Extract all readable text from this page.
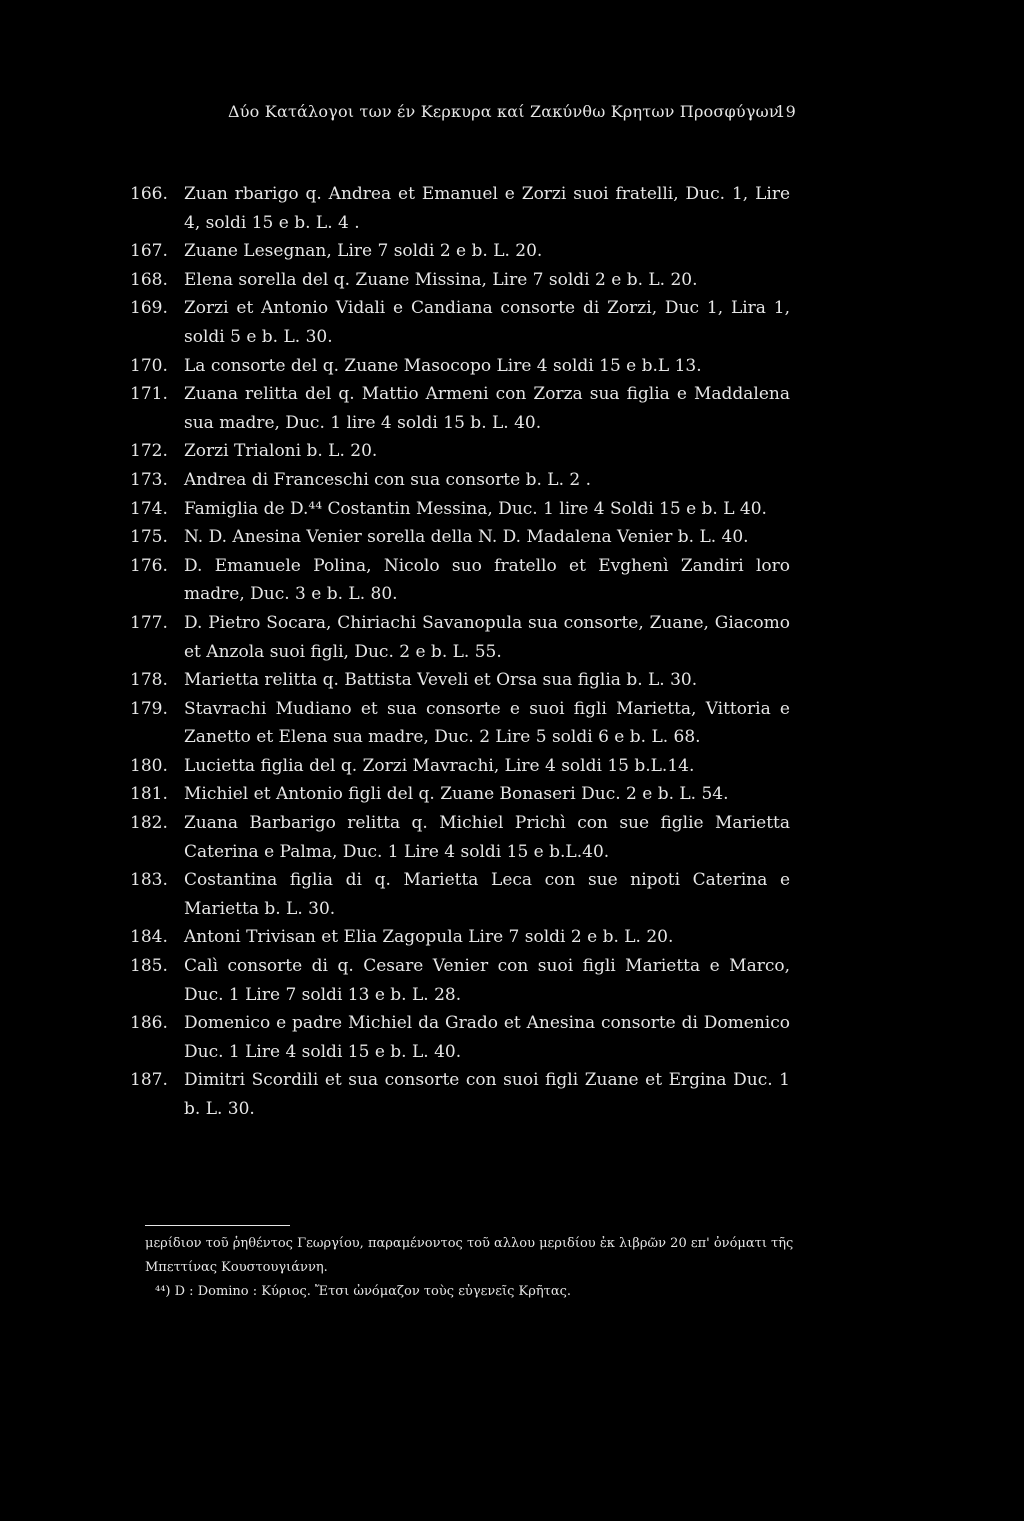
Δύο Κατάλογοι των έν Κερκυρα καί Ζακύνθω Κρητων Προσφύγων
19
166. Zuan rbarigo q. Andrea et Emanuel e Zorzi suoi fratelli, Duc. 1, Lire 4, soldi 15 e b. L. 4 .
167. Zuane Lesegnan, Lire 7 soldi 2 e b. L. 20.
168. Elena sorella del q. Zuane Missina, Lire 7 soldi 2 e b. L. 20.
169. Zorzi et Antonio Vidali e Candiana consorte di Zorzi, Duc 1, Lira 1, soldi 5 e b. L. 30.
170. La consorte del q. Zuane Masocopo Lire 4 soldi 15 e b.L 13.
171. Zuana relitta del q. Mattio Armeni con Zorza sua figlia e Maddalena sua madre, Duc. 1 lire 4 soldi 15 b. L. 40.
172. Zorzi Trialoni b. L. 20.
173. Andrea di Franceschi con sua consorte b. L. 2 .
174. Famiglia de D.⁴⁴ Costantin Messina, Duc. 1 lire 4 Soldi 15 e b. L 40.
175. N. D. Anesina Venier sorella della N. D. Madalena Venier b. L. 40.
176. D. Emanuele Polina, Nicolo suo fratello et Evghenì Zandiri loro madre, Duc. 3 e b. L. 80.
177. D. Pietro Socara, Chiriachi Savanopula sua consorte, Zuane, Giacomo et Anzola suoi figli, Duc. 2 e b. L. 55.
178. Marietta relitta q. Battista Veveli et Orsa sua figlia b. L. 30.
179. Stavrachi Mudiano et sua consorte e suoi figli Marietta, Vittoria e Zanetto et Elena sua madre, Duc. 2 Lire 5 soldi 6 e b. L. 68.
180. Lucietta figlia del q. Zorzi Mavrachi, Lire 4 soldi 15 b.L.14.
181. Michiel et Antonio figli del q. Zuane Bonaseri Duc. 2 e b. L. 54.
182. Zuana Barbarigo relitta q. Michiel Prichì con sue figlie Marietta Caterina e Palma, Duc. 1 Lire 4 soldi 15 e b.L.40.
183. Costantina figlia di q. Marietta Leca con sue nipoti Caterina e Marietta b. L. 30.
184. Antoni Trivisan et Elia Zagopula Lire 7 soldi 2 e b. L. 20.
185. Calì consorte di q. Cesare Venier con suoi figli Marietta e Marco, Duc. 1 Lire 7 soldi 13 e b. L. 28.
186. Domenico e padre Michiel da Grado et Anesina consorte di Domenico Duc. 1 Lire 4 soldi 15 e b. L. 40.
187. Dimitri Scordili et sua consorte con suoi figli Zuane et Ergina Duc. 1 b. L. 30.
μερίδιον τοῦ ῥηθέντος Γεωργίου, παραμένοντος τοῦ αλλου μεριδίου ἐκ λιβρῶν 20 επ' ὀνόματι τῆς Μπεττίνας Κουστουγιάννη.
⁴⁴) D : Domino : Κύριος. Ἔτσι ὠνόμαζον τοὺς εὐγενεῖς Κρῆτας.
